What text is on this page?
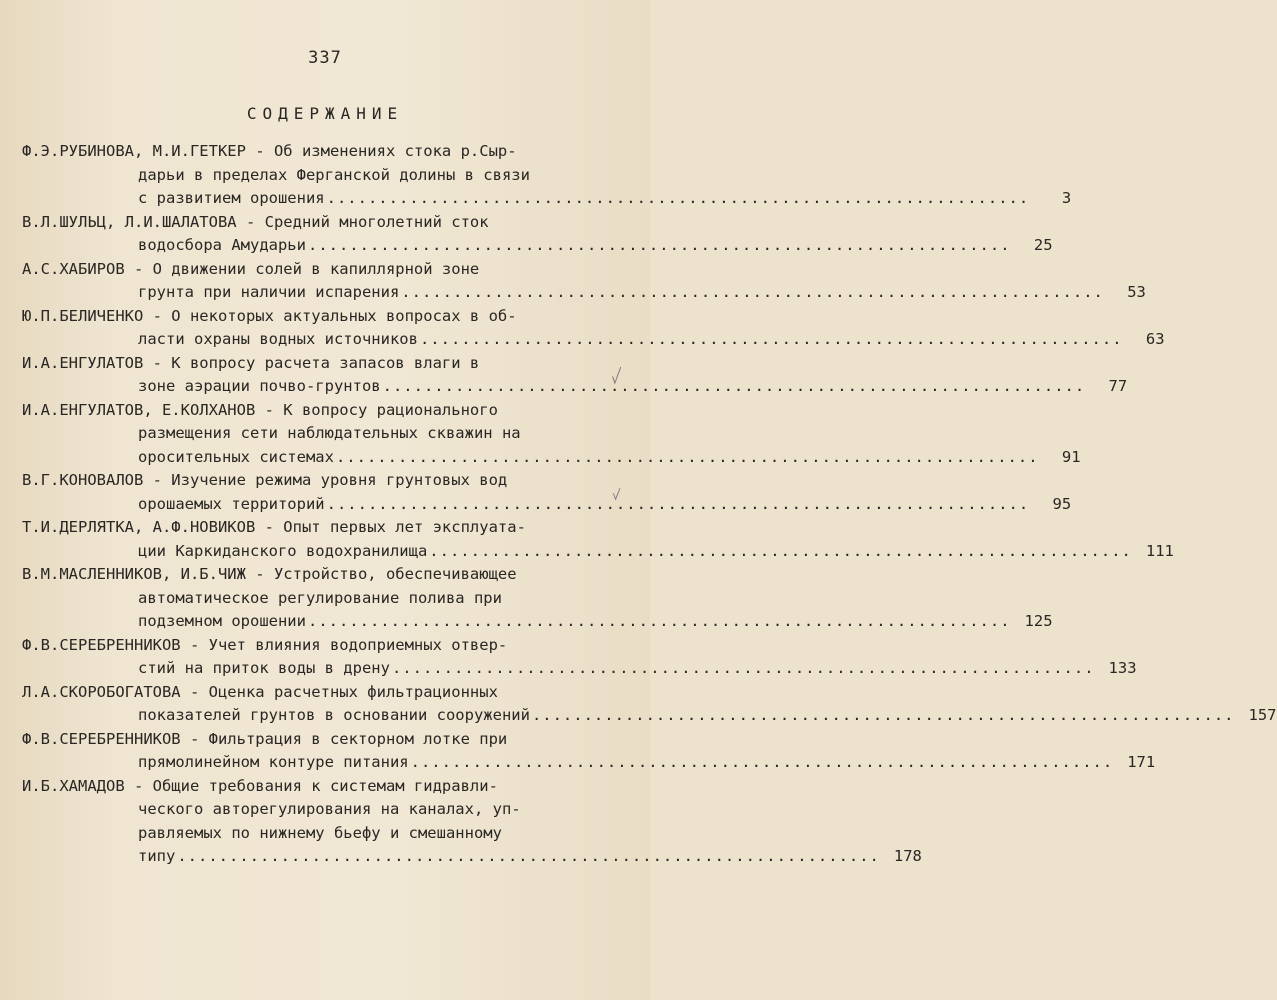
337
СОДЕРЖАНИЕ
Ф.Э.РУБИНОВА, М.И.ГЕТКЕР - Об изменениях стока р.Сыр-
дарьи в пределах Ферганской долины в связи
с развитием орошения ....................................................................	3
В.Л.ШУЛЬЦ, Л.И.ШАЛАТОВА - Средний многолетний сток
водосбора Амударьи ....................................................................	25
А.С.ХАБИРОВ - О движении солей в капиллярной зоне
грунта при наличии испарения ....................................................................	53
Ю.П.БЕЛИЧЕНКО - О некоторых актуальных вопросах в об-
ласти охраны водных источников ....................................................................	63
И.А.ЕНГУЛАТОВ - К вопросу расчета запасов влаги в
зоне аэрации почво-грунтов ....................................................................	77
И.А.ЕНГУЛАТОВ, Е.КОЛХАНОВ - К вопросу рационального
размещения сети наблюдательных скважин на
оросительных системах ....................................................................	91
В.Г.КОНОВАЛОВ - Изучение режима уровня грунтовых вод
орошаемых территорий ....................................................................	95
Т.И.ДЕРЛЯТКА, А.Ф.НОВИКОВ - Опыт первых лет эксплуата-
ции Каркиданского водохранилища .................................................................... 111
В.М.МАСЛЕННИКОВ, И.Б.ЧИЖ - Устройство, обеспечивающее
автоматическое регулирование полива при
подземном орошении .................................................................... 125
Ф.В.СЕРЕБРЕННИКОВ - Учет влияния водоприемных отвер-
стий на приток воды в дрену .................................................................... 133
Л.А.СКОРОБОГАТОВА - Оценка расчетных фильтрационных
показателей грунтов в основании сооружений .................................................................... 157
Ф.В.СЕРЕБРЕННИКОВ - Фильтрация в секторном лотке при
прямолинейном контуре питания .................................................................... 171
И.Б.ХАМАДОВ - Общие требования к системам гидравли-
ческого авторегулирования на каналах, уп-
равляемых по нижнему бьефу и смешанному
типу .................................................................... 178
